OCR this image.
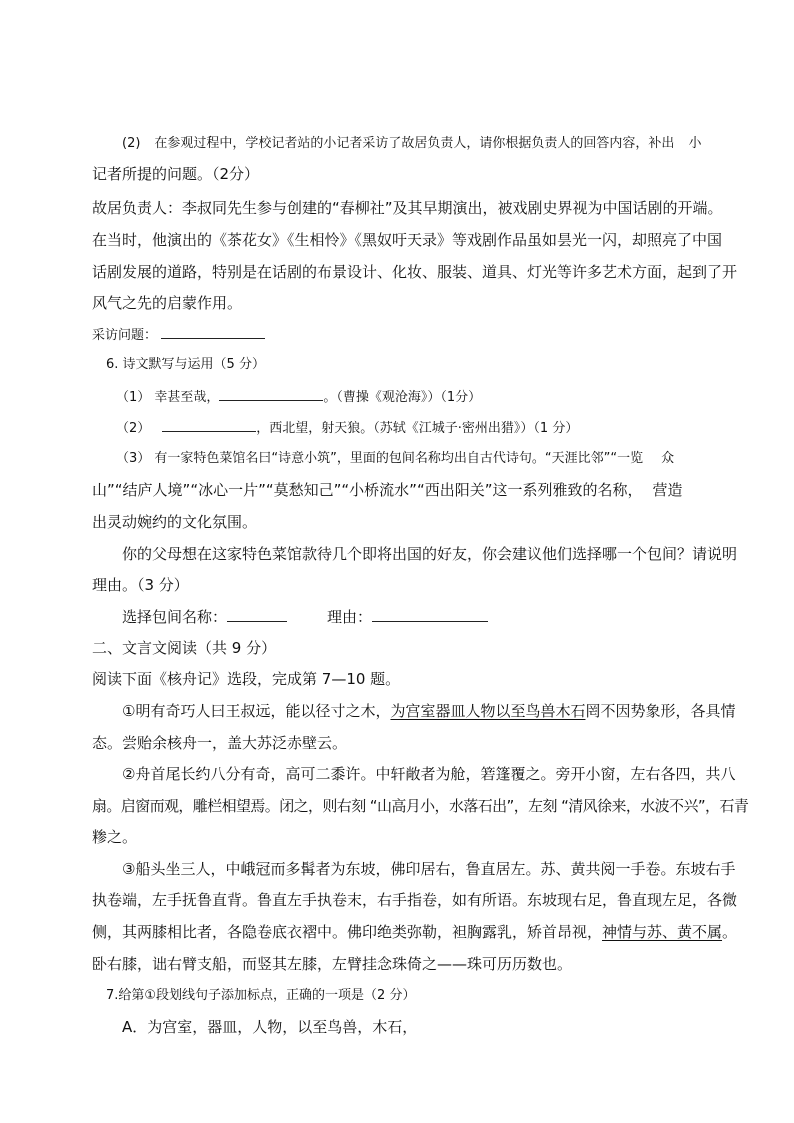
(2) 在参观过程中，学校记者站的小记者采访了故居负责人，请你根据负责人的回答内容，补出 小
记者所提的问题。（2分）
故居负责人：李叔同先生参与创建的“春柳社”及其早期演出，被戏剧史界视为中国话剧的开端。
在当时，他演出的《茶花女》《生相怜》《黑奴吁天录》等戏剧作品虽如昙光一闪，却照亮了中国
话剧发展的道路，特别是在话剧的布景设计、化妆、服装、道具、灯光等许多艺术方面，起到了开
风气之先的启蒙作用。
采访问题：
6. 诗文默写与运用（5 分）
（1） 幸甚至哉，	。（曹操《观沧海》）（1分）
（2）	，西北望，射天狼。（苏轼《江城子·密州出猎》）（1 分）
（3） 有一家特色菜馆名曰“诗意小筑”，里面的包间名称均出自古代诗句。“天涯比邻”“一览 众
山”“结庐人境”“冰心一片”“莫愁知己”“小桥流水”“西出阳关”这一系列雅致的名称， 营造
出灵动婉约的文化氛围。
你的父母想在这家特色菜馆款待几个即将出国的好友，你会建议他们选择哪一个包间？请说明
理由。（3 分）
选择包间名称：	理由：
二、文言文阅读（共 9 分）
阅读下面《核舟记》选段，完成第 7—10 题。
①明有奇巧人曰王叔远，能以径寸之木，为宫室器皿人物以至鸟兽木石罔不因势象形，各具情
态。尝贻余核舟一，盖大苏泛赤壁云。
②舟首尾长约八分有奇，高可二黍许。中轩敞者为舱，箬篷覆之。旁开小窗，左右各四，共八
扇。启窗而观，雕栏相望焉。闭之，则右刻 “山高月小，水落石出”，左刻 “清风徐来，水波不兴”，石青
糁之。
③船头坐三人，中峨冠而多髯者为东坡，佛印居右，鲁直居左。苏、黄共阅一手卷。东坡右手
执卷端，左手抚鲁直背。鲁直左手执卷末，右手指卷，如有所语。东坡现右足，鲁直现左足，各微
侧，其两膝相比者，各隐卷底衣褶中。佛印绝类弥勒，袒胸露乳，矫首昂视，神情与苏、黄不属。
卧右膝，诎右臂支船，而竖其左膝，左臂挂念珠倚之——珠可历历数也。
7.给第①段划线句子添加标点，正确的一项是（2 分）
A．为宫室，器皿，人物，以至鸟兽，木石，
